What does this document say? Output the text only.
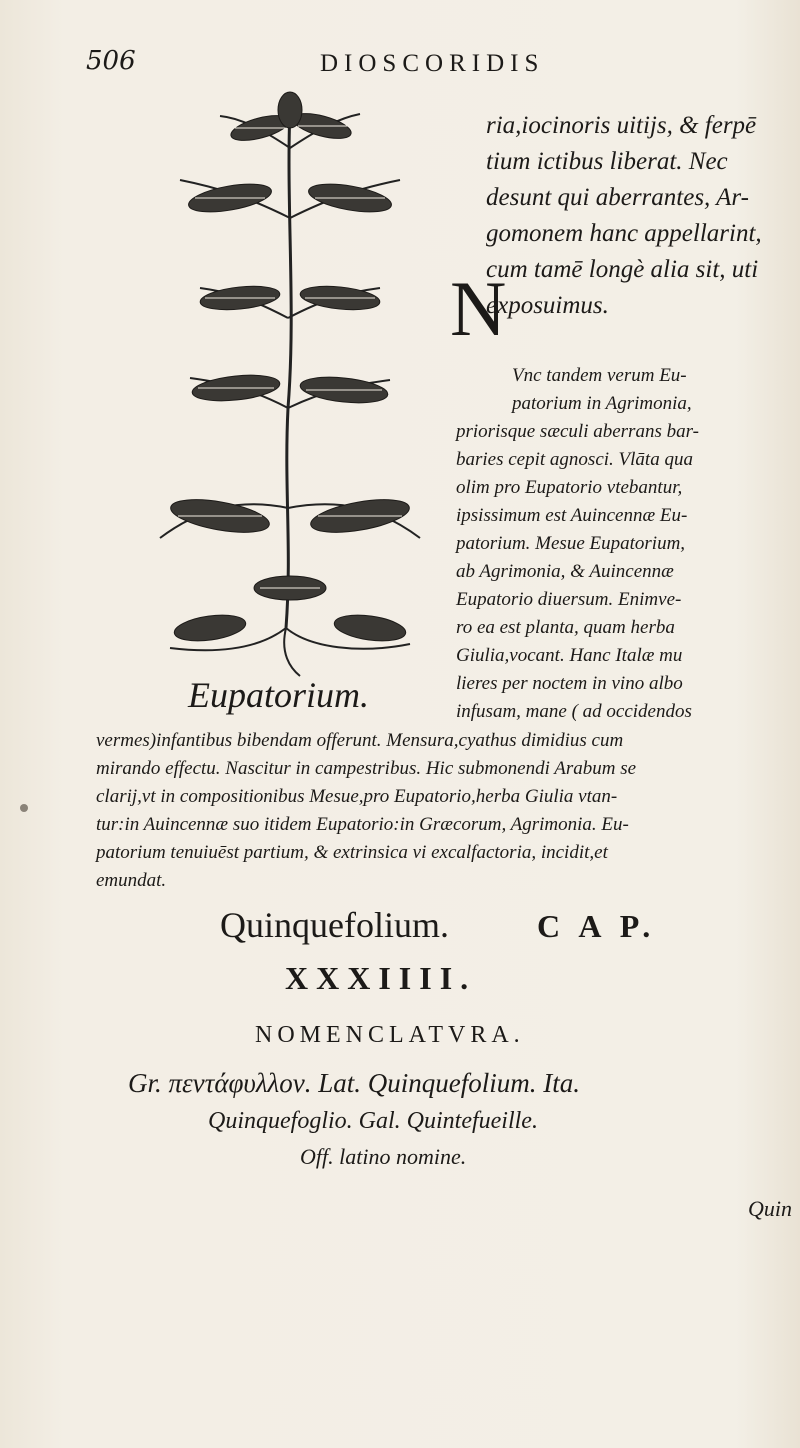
506	DIOSCORIDIS
ria,iocinoris uitijs, & ferpē
tium ictibus liberat. Nec
desunt qui aberrantes, Ar-
gomonem hanc appellarint,
cum tamē longè alia sit, uti
exposuimus.
N
Vnc tandem verum Eu-
patorium in Agrimonia,
priorisque sæculi aberrans bar-
baries cepit agnosci. Vlāta qua
olim pro Eupatorio vtebantur,
ipsissimum est Auincennæ Eu-
patorium. Mesue Eupatorium,
ab Agrimonia, & Auincennæ
Eupatorio diuersum. Enimve-
ro ea est planta, quam herba
Giulia,vocant. Hanc Italæ mu
lieres per noctem in vino albo
infusam, mane ( ad occidendos
Eupatorium.
vermes)infantibus bibendam offerunt. Mensura,cyathus dimidius cum
mirando effectu. Nascitur in campestribus. Hic submonendi Arabum se
clarij,vt in compositionibus Mesue,pro Eupatorio,herba Giulia vtan-
tur:in Auincennæ suo itidem Eupatorio:in Græcorum, Agrimonia. Eu-
patorium tenuiuēst partium, & extrinsica vi excalfactoria, incidit,et
emundat.
Quinquefolium.	C A P.
XXXIIII.
NOMENCLATVRA.
Gr. πεντάφυλλον. Lat. Quinquefolium. Ita.
Quinquefoglio. Gal. Quintefueille.
Off. latino nomine.
Quin
